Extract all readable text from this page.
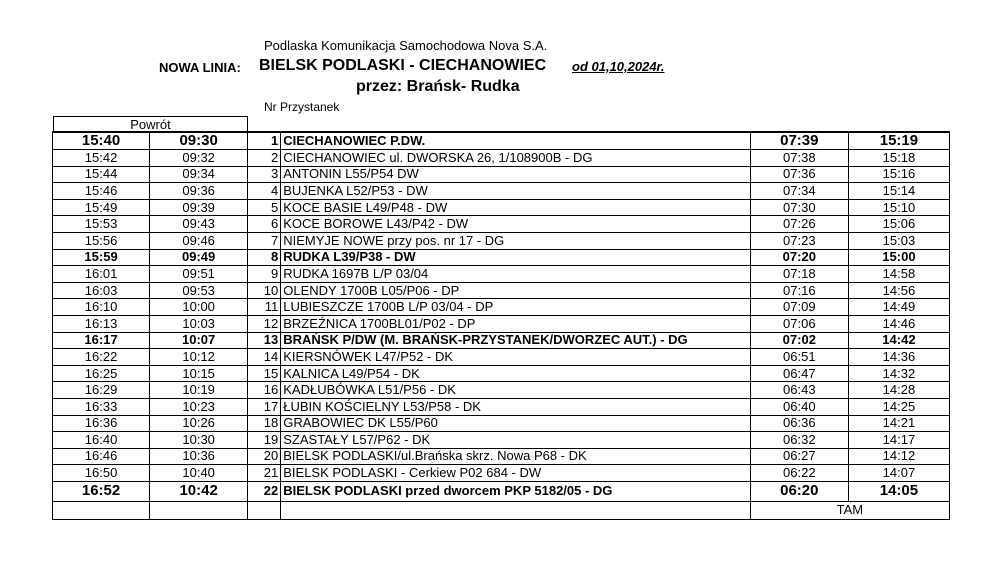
Podlaska Komunikacja Samochodowa Nova S.A.
NOWA LINIA: BIELSK PODLASKI - CIECHANOWIEC od 01,10,2024r.
przez: Brańsk- Rudka
Nr Przystanek
Powrót
15:40	09:30	1	CIECHANOWIEC P.DW.	07:39	15:19
15:42	09:32	2	CIECHANOWIEC ul. DWORSKA 26, 1/108900B - DG	07:38	15:18
15:44	09:34	3	ANTONIN L55/P54 DW	07:36	15:16
15:46	09:36	4	BUJENKA L52/P53 - DW	07:34	15:14
15:49	09:39	5	KOCE BASIE L49/P48 - DW	07:30	15:10
15:53	09:43	6	KOCE BOROWE L43/P42 - DW	07:26	15:06
15:56	09:46	7	NIEMYJE NOWE przy pos. nr 17 - DG	07:23	15:03
15:59	09:49	8	RUDKA L39/P38 - DW	07:20	15:00
16:01	09:51	9	RUDKA 1697B L/P 03/04	07:18	14:58
16:03	09:53	10	OLENDY 1700B L05/P06 - DP	07:16	14:56
16:10	10:00	11	LUBIESZCZE 1700B L/P 03/04 - DP	07:09	14:49
16:13	10:03	12	BRZEŹNICA 1700BL01/P02 - DP	07:06	14:46
16:17	10:07	13	BRAŃSK P/DW (M. BRAŃSK-PRZYSTANEK/DWORZEC AUT.) - DG	07:02	14:42
16:22	10:12	14	KIERSNÓWEK L47/P52 - DK	06:51	14:36
16:25	10:15	15	KALNICA L49/P54 - DK	06:47	14:32
16:29	10:19	16	KADŁUBÓWKA L51/P56 - DK	06:43	14:28
16:33	10:23	17	ŁUBIN KOŚCIELNY L53/P58 - DK	06:40	14:25
16:36	10:26	18	GRABOWIEC DK L55/P60	06:36	14:21
16:40	10:30	19	SZASTAŁY L57/P62 - DK	06:32	14:17
16:46	10:36	20	BIELSK PODLASKI/ul.Brańska skrz. Nowa P68 - DK	06:27	14:12
16:50	10:40	21	BIELSK PODLASKI - Cerkiew P02 684 - DW	06:22	14:07
16:52	10:42	22	BIELSK PODLASKI przed dworcem PKP 5182/05 - DG	06:20	14:05
				TAM	
